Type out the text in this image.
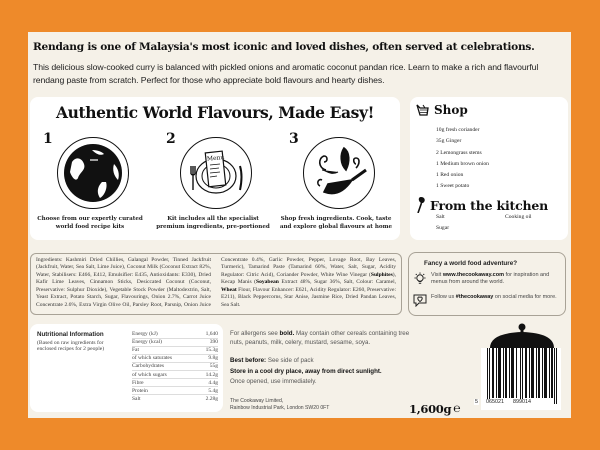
Rendang is one of Malaysia's most iconic and loved dishes, often served at celebrations.
This delicious slow-cooked curry is balanced with pickled onions and aromatic coconut pandan rice. Learn to make a rich and flavourful rendang paste from scratch. Perfect for those who appreciate bold flavours and hearty dishes.
Authentic World Flavours, Made Easy!
1
Choose from our expertly curated world food recipe kits
2
Menu
Kit includes all the specialist premium ingredients, pre-portioned
3
Shop fresh ingredients. Cook, taste and explore global flavours at home
Shop
10g fresh coriander
35g Ginger
2 Lemongrass stems
1 Medium brown onion
1 Red onion
1 Sweet potato
From the kitchen
Salt	Cooking oil
Sugar
Ingredients: Kashmiri Dried Chillies, Galangal Powder, Tinned Jackfruit (Jackfruit, Water, Sea Salt, Lime Juice), Coconut Milk (Coconut Extract 82%, Water, Stabilisers: E466, E412, Emulsifier: E435, Antioxidants: E330), Dried Kafir Lime Leaves, Cinnamon Sticks, Desiccated Coconut (Coconut, Preservative: Sulphur Dioxide), Vegetable Stock Powder (Maltodextrin, Salt, Yeast Extract, Potato Starch, Sugar, Flavourings, Onion 2.7%, Carrot Juice Concentrate 2.6%, Extra Virgin Olive Oil, Parsley Root, Parsnip, Onion Juice Concentrate 0.4%, Garlic Powder, Pepper, Lovage Root, Bay Leaves, Turmeric), Tamarind Paste (Tamarind 60%, Water, Salt, Sugar, Acidity Regulator: Citric Acid), Coriander Powder, White Wine Vinegar (Sulphites), Kecap Manis (Soyabean Extract 48%, Sugar 36%, Salt, Colour: Caramel, Wheat Flour, Flavour Enhancer: E621, Acidity Regulator: E260, Preservative: E211), Black Peppercorns, Star Anise, Jasmine Rice, Dried Pandan Leaves, Sea Salt.
Fancy a world food adventure?
Visit www.thecookaway.com for inspiration and menus from around the world.
Follow us #thecookaway on social media for more.
Nutritional Information
(Based on raw ingredients for enclosed recipes for 2 people)
Energy (kJ)	1,640
Energy (kcal)	390
Fat	15.3g
of which saturates	9.8g
Carbohydrates	55g
of which sugars	14.2g
Fibre	4.4g
Protein	5.4g
Salt	2.28g
For allergens see bold. May contain other cereals containing tree nuts, peanuts, milk, celery, mustard, sesame, soya.
Best before: See side of pack
Store in a cool dry place, away from direct sunlight.
Once opened, use immediately.
The Cookaway Limited,
Rainbow Industrial Park, London SW20 0FT	1,600g ℮	5 065021 899014
